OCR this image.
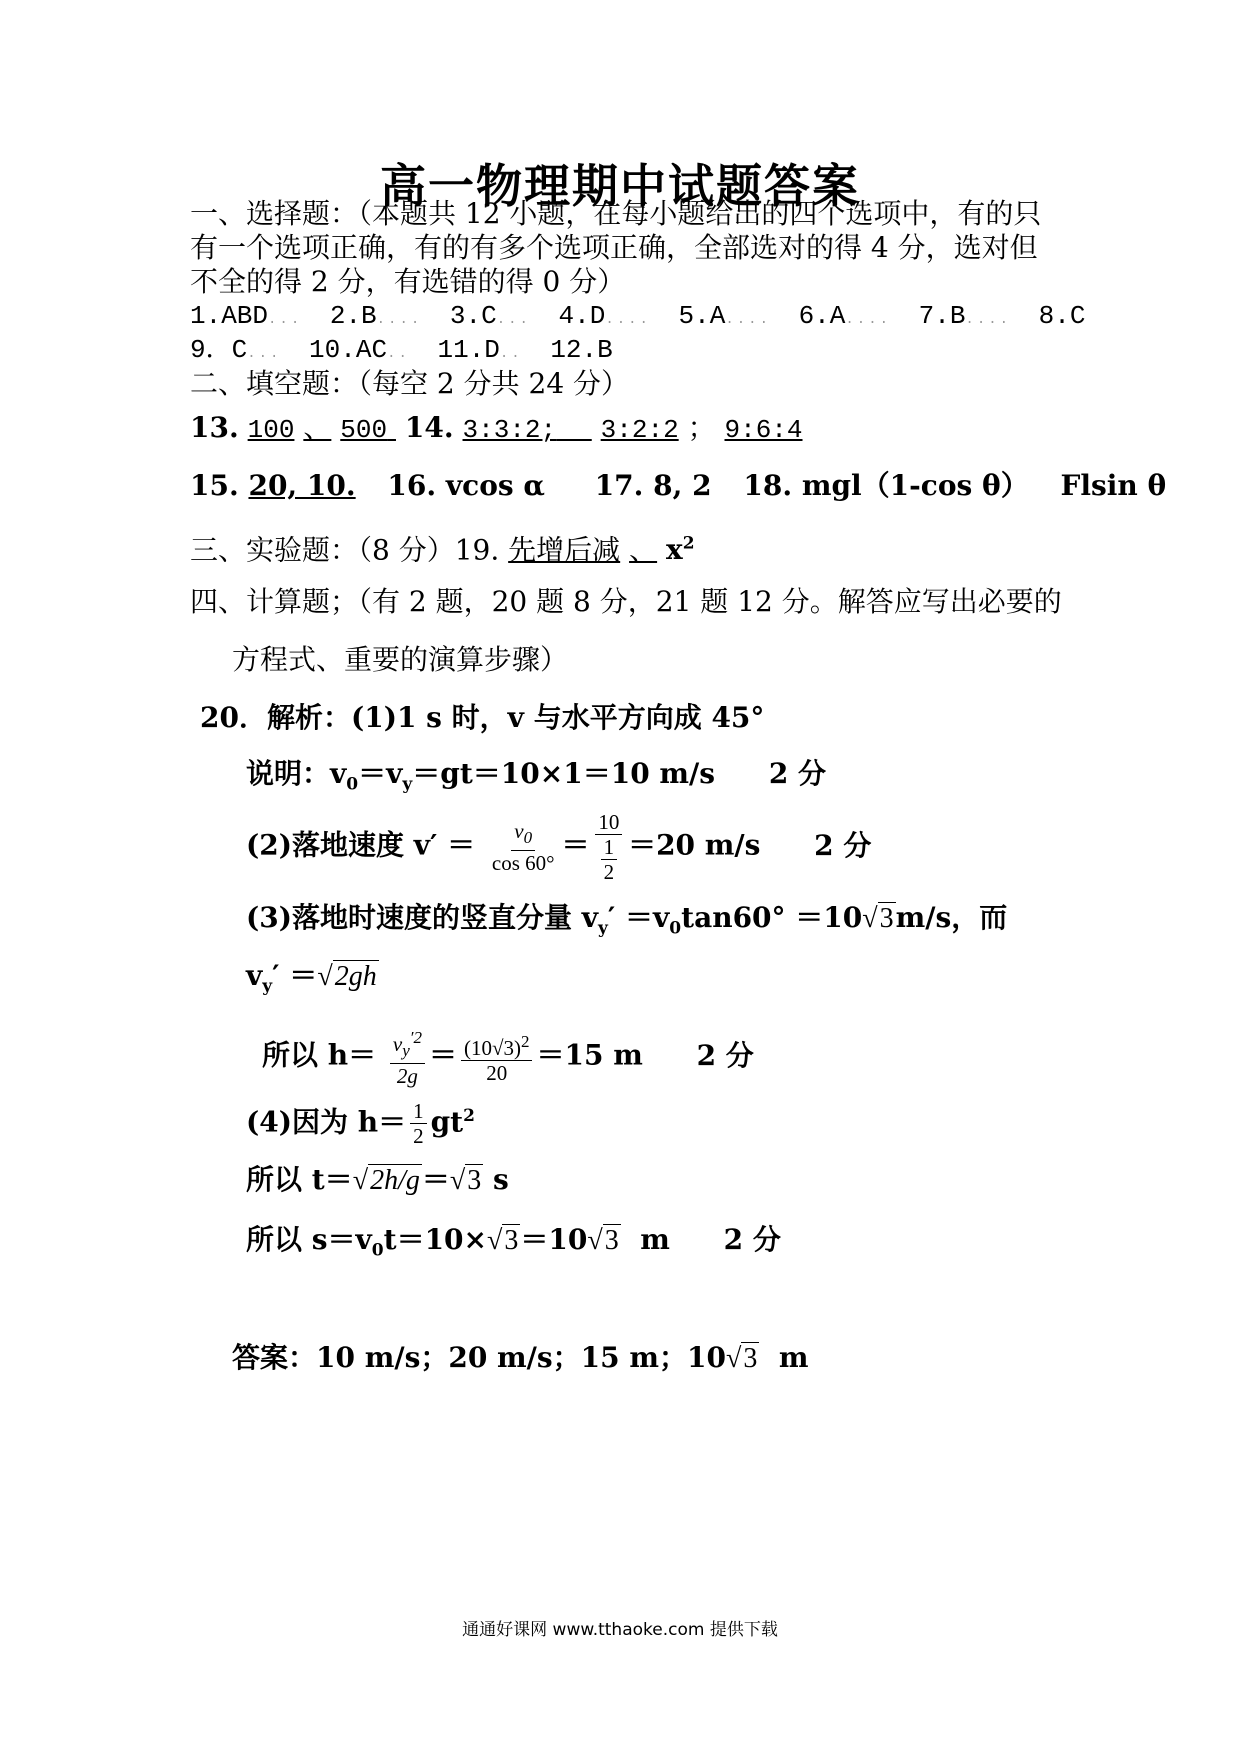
高一物理期中试题答案
一、选择题：（本题共 12 小题，在每小题给出的四个选项中，有的只
有一个选项正确，有的有多个选项正确，全部选对的得 4 分，选对但
不全的得 2 分，有选错的得 0 分）
1.ABD... 2.B.... 3.C... 4.D.... 5.A.... 6.A.... 7.B.... 8.C
9．C... 10.AC.. 11.D.. 12.B
二、填空题：（每空 2 分共 24 分）
13. 100 、 500 14. 3:3:2; 3:2:2 ； 9:6:4
15. 20, 10. 16. vcos α 17. 8, 2 18. mgl（1-cos θ） Flsin θ
三、实验题：（8 分）19. 先增后减 、 $x^2$
四、计算题；（有 2 题，20 题 8 分，21 题 12 分。解答应写出必要的
方程式、重要的演算步骤）
20．解析：(1)1 s 时，v 与水平方向成 45°
说明：$v_0=v_y=gt=10\times 1=10$ m/s 2 分
(2)落地速度 $v' = \frac{v_0}{\cos 60^\circ} = \frac{10}{\frac{1}{2}} =20$ m/s 2 分
(3)落地时速度的竖直分量 $v_y' =v_0\tan 60^\circ =10√3m/s$，而
$v_y' =√2gh$
所以 $h= \frac{v_y^{'2}}{2g} = \frac{(10√3)^2}{20} =15$ m 2 分
(4)因为 $h= \frac{1}{2} gt^2$
所以 t＝√2h/g＝√3 s
所以 $s=v_0t=10\times√3=10√3$ m 2 分
答案：10 m/s；20 m/s；15 m；10√3 m
通通好课网 www.tthaoke.com 提供下载
